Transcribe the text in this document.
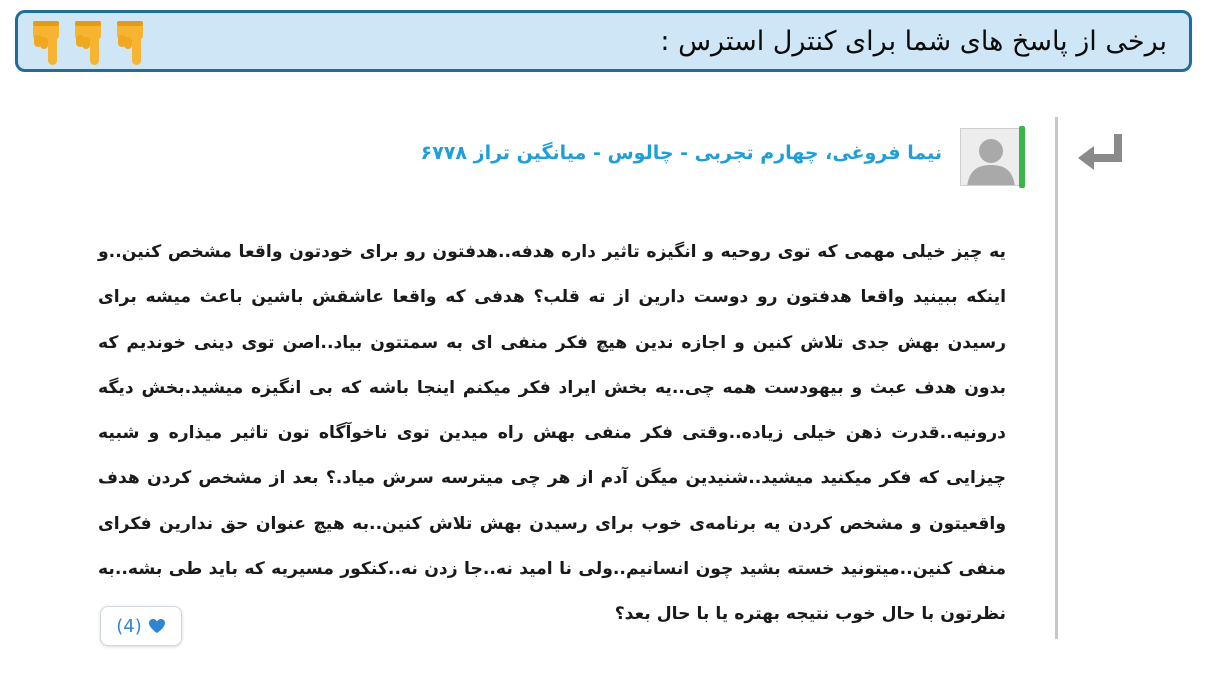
برخی از پاسخ های شما برای کنترل استرس :
نیما فروغی، چهارم تجربی - چالوس - میانگین تراز ۶۷۷۸
یه چیز خیلی مهمی که توی روحیه و انگیزه تاثیر داره هدفه..هدفتون رو برای خودتون واقعا مشخص کنین..و اینکه ببینید واقعا هدفتون رو دوست دارین از ته قلب؟ هدفی که واقعا عاشقش باشین باعث میشه برای رسیدن بهش جدی تلاش کنین و اجازه ندین هیچ فکر منفی ای به سمتتون بیاد..اصن توی دینی خوندیم که بدون هدف عبث و بیهودست همه چی..یه بخش ایراد فکر میکنم اینجا باشه که بی انگیزه میشید.بخش دیگه درونیه..قدرت ذهن خیلی زیاده..وقتی فکر منفی بهش راه میدین توی ناخوآگاه تون تاثیر میذاره و شبیه چیزایی که فکر میکنید میشید..شنیدین میگن آدم از هر چی میترسه سرش میاد.؟ بعد از مشخص کردن هدف واقعیتون و مشخص کردن یه برنامه‌ی خوب برای رسیدن بهش تلاش کنین..به هیچ عنوان حق ندارین فکرای منفی کنین..میتونید خسته بشید چون انسانیم..ولی نا امید نه..جا زدن نه..کنکور مسیریه که باید طی بشه..به نظرتون با حال خوب نتیجه بهتره یا با حال بعد؟
(4)
